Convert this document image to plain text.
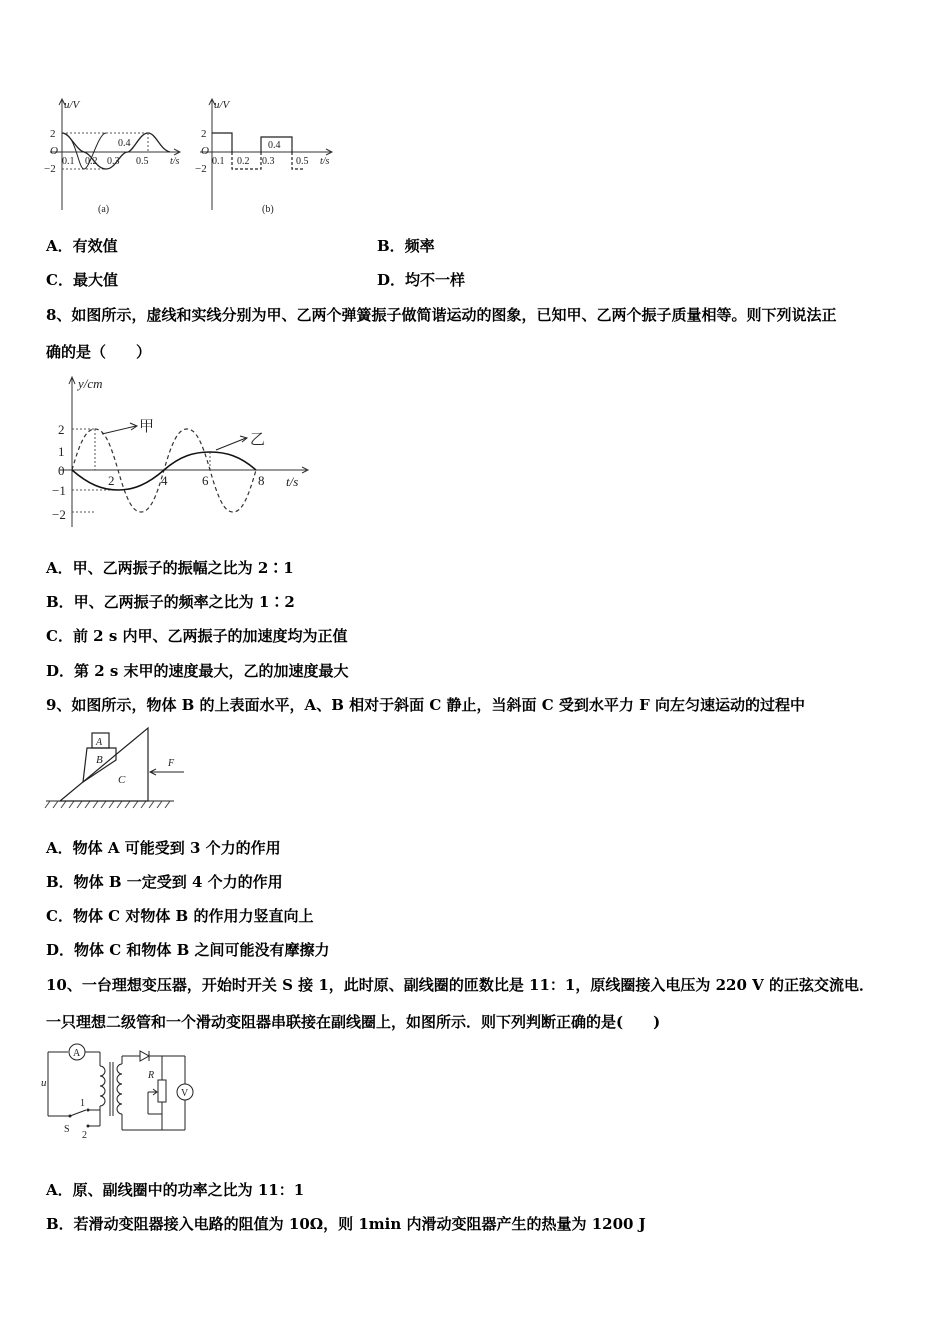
u/V
2
O
−2
0.1 0.2 0.3
0.4
0.5 t/s
(a)
u/V
2
O
−2
0.1 0.2 0.3
0.4
0.5 t/s
(b)
A．有效值	B．频率
C．最大值	D．均不一样
8、如图所示，虚线和实线分别为甲、乙两个弹簧振子做简谐运动的图象，已知甲、乙两个振子质量相等。则下列说法正
确的是（　　）
y/cm
t/s
2
1
0
−1
−2
2	4	6	8
甲
乙
A．甲、乙两振子的振幅之比为 2∶1
B．甲、乙两振子的频率之比为 1∶2
C．前 2 s 内甲、乙两振子的加速度均为正值
D．第 2 s 末甲的速度最大，乙的加速度最大
9、如图所示，物体 B 的上表面水平，A、B 相对于斜面 C 静止，当斜面 C 受到水平力 F 向左匀速运动的过程中
A
B
C
F
A．物体 A 可能受到 3 个力的作用
B．物体 B 一定受到 4 个力的作用
C．物体 C 对物体 B 的作用力竖直向上
D．物体 C 和物体 B 之间可能没有摩擦力
10、一台理想变压器，开始时开关 S 接 1，此时原、副线圈的匝数比是 11：1，原线圈接入电压为 220 V 的正弦交流电．
一只理想二级管和一个滑动变阻器串联接在副线圈上，如图所示．则下列判断正确的是(　　)
A
u
1
S
2
R
V
A．原、副线圈中的功率之比为 11：1
B．若滑动变阻器接入电路的阻值为 10Ω，则 1min 内滑动变阻器产生的热量为 1200 J
